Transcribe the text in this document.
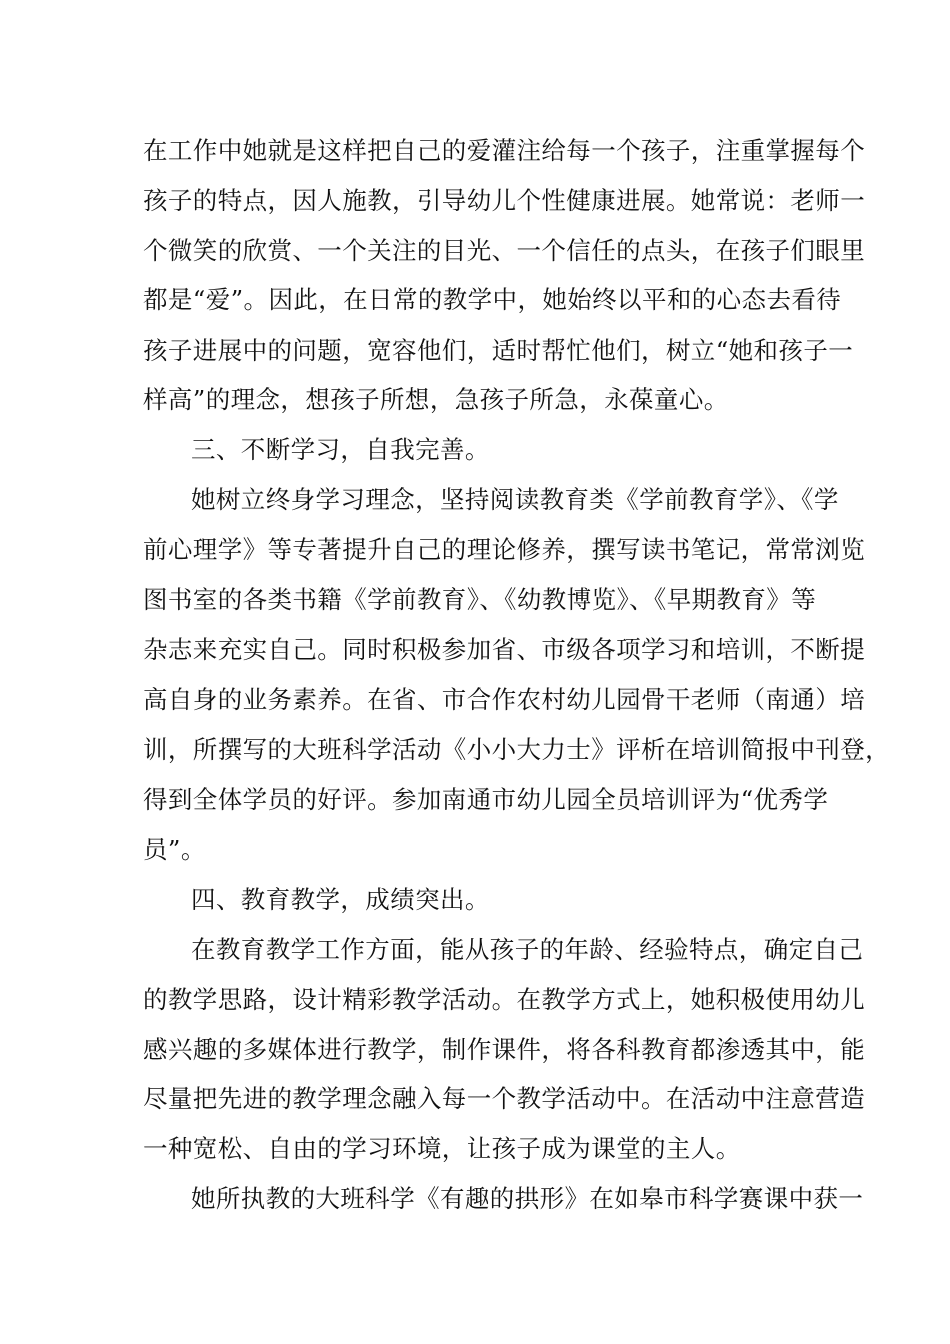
在工作中她就是这样把自己的爱灌注给每一个孩子，注重掌握每个
孩子的特点，因人施教，引导幼儿个性健康进展。她常说：老师一
个微笑的欣赏、一个关注的目光、一个信任的点头，在孩子们眼里
都是“爱”。因此，在日常的教学中，她始终以平和的心态去看待
孩子进展中的问题，宽容他们，适时帮忙他们，树立“她和孩子一
样高”的理念，想孩子所想，急孩子所急，永葆童心。
三、不断学习，自我完善。
她树立终身学习理念，坚持阅读教育类《学前教育学》、《学
前心理学》等专著提升自己的理论修养，撰写读书笔记，常常浏览
图书室的各类书籍《学前教育》、《幼教博览》、《早期教育》等
杂志来充实自己。同时积极参加省、市级各项学习和培训，不断提
高自身的业务素养。在省、市合作农村幼儿园骨干老师（南通）培
训，所撰写的大班科学活动《小小大力士》评析在培训简报中刊登，
得到全体学员的好评。参加南通市幼儿园全员培训评为“优秀学
员”。
四、教育教学，成绩突出。
在教育教学工作方面，能从孩子的年龄、经验特点，确定自己
的教学思路，设计精彩教学活动。在教学方式上，她积极使用幼儿
感兴趣的多媒体进行教学，制作课件，将各科教育都渗透其中，能
尽量把先进的教学理念融入每一个教学活动中。在活动中注意营造
一种宽松、自由的学习环境，让孩子成为课堂的主人。
她所执教的大班科学《有趣的拱形》在如皋市科学赛课中获一
